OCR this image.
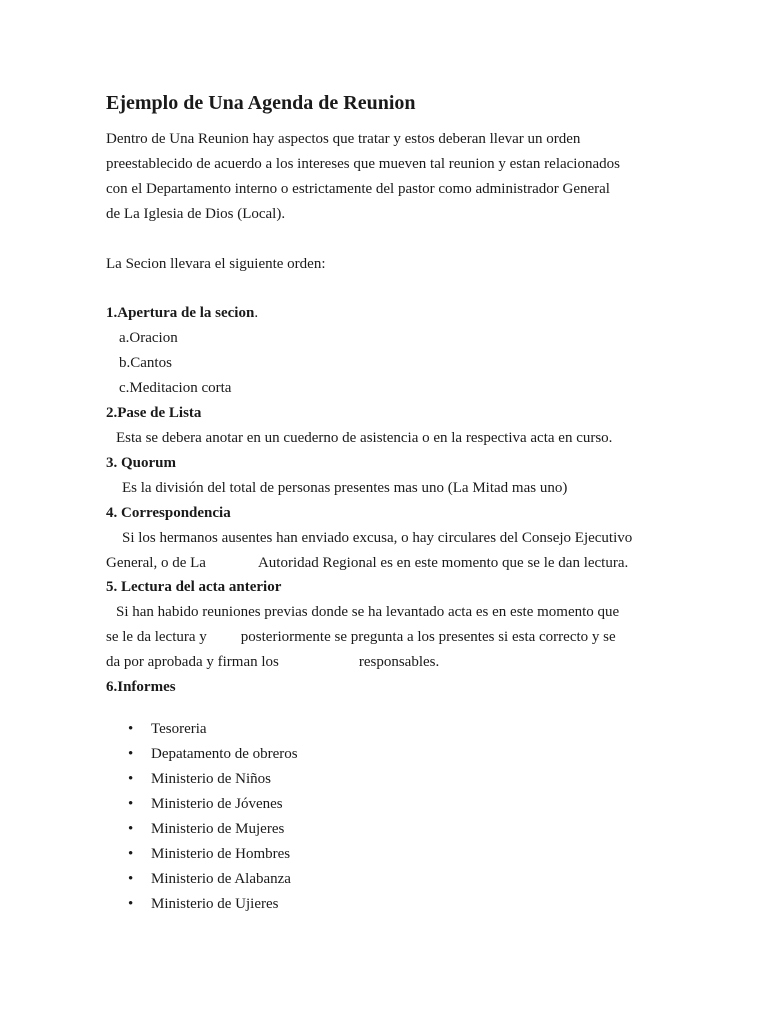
Ejemplo de Una Agenda de Reunion
Dentro de Una Reunion hay aspectos que tratar y estos deberan llevar un orden
preestablecido de acuerdo a los intereses que mueven tal reunion y estan relacionados
con el Departamento interno o estrictamente del pastor como administrador General
de La Iglesia de Dios (Local).
La Secion llevara el siguiente orden:
1.Apertura de la secion.
a.Oracion
b.Cantos
c.Meditacion corta
2.Pase de Lista
Esta se debera anotar en un cuederno de asistencia o en la respectiva acta en curso.
3. Quorum
Es la división del total de personas presentes mas uno (La Mitad mas uno)
4. Correspondencia
Si los hermanos ausentes han enviado excusa, o hay circulares del Consejo Ejecutivo
General, o de La	Autoridad Regional es en este momento que se le dan lectura.
5. Lectura del acta anterior
Si han habido reuniones previas donde se ha levantado acta es en este momento que
se le da lectura y posteriormente se pregunta a los presentes si esta correcto y se
da por aprobada y firman los	responsables.
6.Informes
• Tesoreria
• Depatamento de obreros
• Ministerio de Niños
• Ministerio de Jóvenes
• Ministerio de Mujeres
• Ministerio de Hombres
• Ministerio de Alabanza
• Ministerio de Ujieres
